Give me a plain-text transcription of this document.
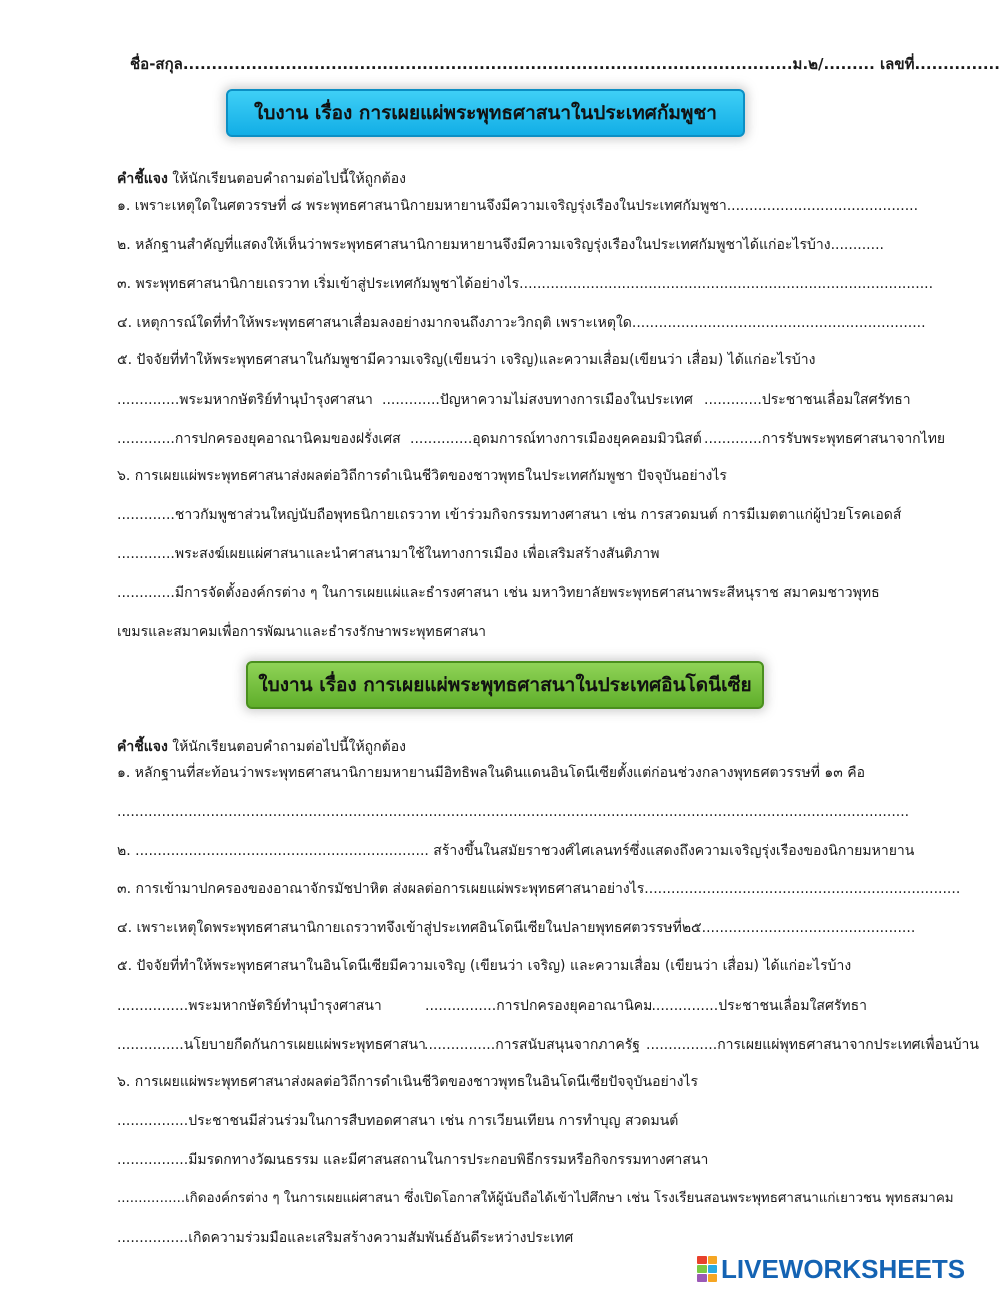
ชื่อ-สกุล...........................................................................................................ม.๒/......... เลขที่...............
ใบงาน เรื่อง การเผยแผ่พระพุทธศาสนาในประเทศกัมพูชา
คำชี้แจง ให้นักเรียนตอบคำถามต่อไปนี้ให้ถูกต้อง
๑. เพราะเหตุใดในศตวรรษที่ ๘ พระพุทธศาสนานิกายมหายานจึงมีความเจริญรุ่งเรืองในประเทศกัมพูชา...........................................
๒. หลักฐานสำคัญที่แสดงให้เห็นว่าพระพุทธศาสนานิกายมหายานจึงมีความเจริญรุ่งเรืองในประเทศกัมพูชาได้แก่อะไรบ้าง............
๓. พระพุทธศาสนานิกายเถรวาท เริ่มเข้าสู่ประเทศกัมพูชาได้อย่างไร.............................................................................................
๔. เหตุการณ์ใดที่ทำให้พระพุทธศาสนาเสื่อมลงอย่างมากจนถึงภาวะวิกฤติ เพราะเหตุใด..................................................................
๕. ปัจจัยที่ทำให้พระพุทธศาสนาในกัมพูชามีความเจริญ(เขียนว่า เจริญ)และความเสื่อม(เขียนว่า เสื่อม) ได้แก่อะไรบ้าง
..............พระมหากษัตริย์ทำนุบำรุงศาสนา .............ปัญหาความไม่สงบทางการเมืองในประเทศ .............ประชาชนเลื่อมใสศรัทธา
.............การปกครองยุคอาณานิคมของฝรั่งเศส ..............อุดมการณ์ทางการเมืองยุคคอมมิวนิสต์ .............การรับพระพุทธศาสนาจากไทย
๖. การเผยแผ่พระพุทธศาสนาส่งผลต่อวิถีการดำเนินชีวิตของชาวพุทธในประเทศกัมพูชา ปัจจุบันอย่างไร
.............ชาวกัมพูชาส่วนใหญ่นับถือพุทธนิกายเถรวาท เข้าร่วมกิจกรรมทางศาสนา เช่น การสวดมนต์ การมีเมตตาแก่ผู้ป่วยโรคเอดส์
.............พระสงฆ์เผยแผ่ศาสนาและนำศาสนามาใช้ในทางการเมือง เพื่อเสริมสร้างสันติภาพ
.............มีการจัดตั้งองค์กรต่าง ๆ ในการเผยแผ่และธำรงศาสนา เช่น มหาวิทยาลัยพระพุทธศาสนาพระสีหนุราช สมาคมชาวพุทธ
เขมรและสมาคมเพื่อการพัฒนาและธำรงรักษาพระพุทธศาสนา
ใบงาน เรื่อง การเผยแผ่พระพุทธศาสนาในประเทศอินโดนีเซีย
คำชี้แจง ให้นักเรียนตอบคำถามต่อไปนี้ให้ถูกต้อง
๑. หลักฐานที่สะท้อนว่าพระพุทธศาสนานิกายมหายานมีอิทธิพลในดินแดนอินโดนีเซียตั้งแต่ก่อนช่วงกลางพุทธศตวรรษที่ ๑๓ คือ
..................................................................................................................................................................................
๒. .................................................................. สร้างขึ้นในสมัยราชวงศ์ไศเลนทร์ซึ่งแสดงถึงความเจริญรุ่งเรืองของนิกายมหายาน
๓. การเข้ามาปกครองของอาณาจักรมัชปาหิต ส่งผลต่อการเผยแผ่พระพุทธศาสนาอย่างไร.......................................................................
๔. เพราะเหตุใดพระพุทธศาสนานิกายเถรวาทจึงเข้าสู่ประเทศอินโดนีเซียในปลายพุทธศตวรรษที่๒๕................................................
๕. ปัจจัยที่ทำให้พระพุทธศาสนาในอินโดนีเซียมีความเจริญ (เขียนว่า เจริญ) และความเสื่อม (เขียนว่า เสื่อม) ได้แก่อะไรบ้าง
................พระมหากษัตริย์ทำนุบำรุงศาสนา	................การปกครองยุคอาณานิคม
................ประชาชนเลื่อมใสศรัทธา
...............นโยบายกีดกันการเผยแผ่พระพุทธศาสนา
................การสนับสนุนจากภาครัฐ ................การเผยแผ่พุทธศาสนาจากประเทศเพื่อนบ้าน
๖. การเผยแผ่พระพุทธศาสนาส่งผลต่อวิถีการดำเนินชีวิตของชาวพุทธในอินโดนีเซียปัจจุบันอย่างไร
................ประชาชนมีส่วนร่วมในการสืบทอดศาสนา เช่น การเวียนเทียน การทำบุญ สวดมนต์
................มีมรดกทางวัฒนธรรม และมีศาสนสถานในการประกอบพิธีกรรมหรือกิจกรรมทางศาสนา
................เกิดองค์กรต่าง ๆ ในการเผยแผ่ศาสนา ซึ่งเปิดโอกาสให้ผู้นับถือได้เข้าไปศึกษา เช่น โรงเรียนสอนพระพุทธศาสนาแก่เยาวชน พุทธสมาคม
................เกิดความร่วมมือและเสริมสร้างความสัมพันธ์อันดีระหว่างประเทศ
LIVEWORKSHEETS
